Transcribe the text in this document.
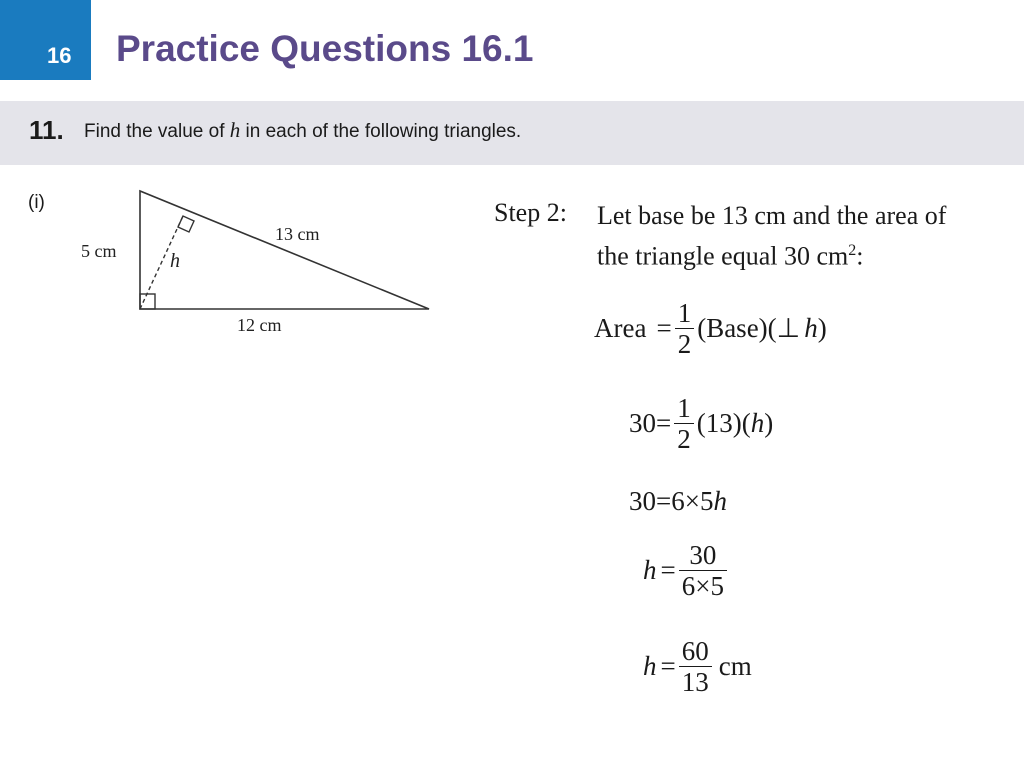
16 Practice Questions 16.1
11. Find the value of h in each of the following triangles.
(i)
5 cm
13 cm
12 cm
h
Step 2: Let base be 13 cm and the area of
the triangle equal 30 $cm^2$:
Area = $\frac{1}{2}$ (Base)(⊥ h )
$30 = \frac{1}{2} (13)$( h )
30 = 6×5 h
$h = \frac{30}{6\times 5}$
$h = \frac{60}{13}$ cm
